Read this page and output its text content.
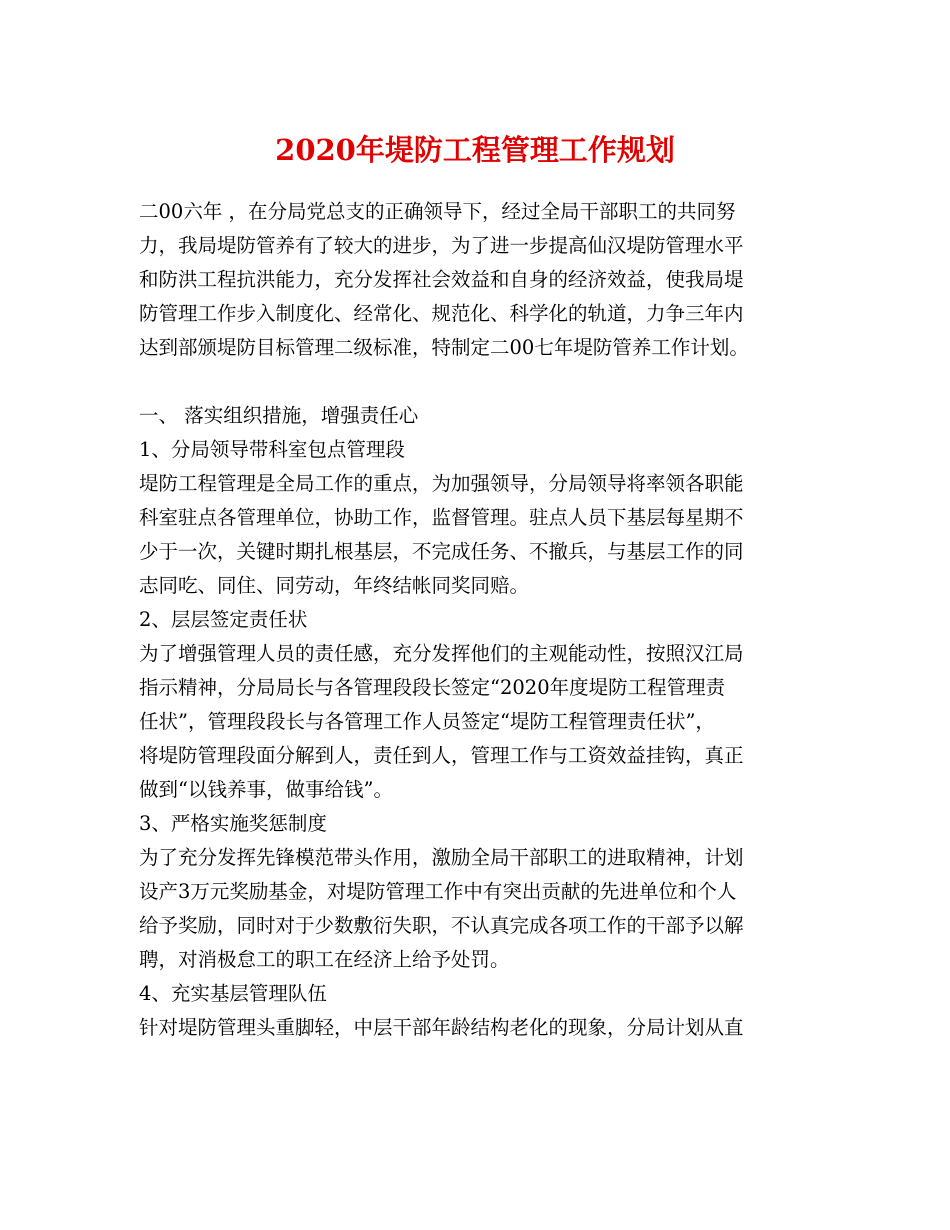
2020年堤防工程管理工作规划
二00六年 ，在分局党总支的正确领导下，经过全局干部职工的共同努
力，我局堤防管养有了较大的进步，为了进一步提高仙汉堤防管理水平
和防洪工程抗洪能力，充分发挥社会效益和自身的经济效益，使我局堤
防管理工作步入制度化、经常化、规范化、科学化的轨道，力争三年内
达到部颁堤防目标管理二级标准，特制定二00七年堤防管养工作计划。
一、 落实组织措施，增强责任心
1、分局领导带科室包点管理段
堤防工程管理是全局工作的重点，为加强领导，分局领导将率领各职能
科室驻点各管理单位，协助工作，监督管理。驻点人员下基层每星期不
少于一次，关键时期扎根基层，不完成任务、不撤兵，与基层工作的同
志同吃、同住、同劳动，年终结帐同奖同赔。
2、层层签定责任状
为了增强管理人员的责任感，充分发挥他们的主观能动性，按照汉江局
指示精神，分局局长与各管理段段长签定“2020年度堤防工程管理责
任状”，管理段段长与各管理工作人员签定“堤防工程管理责任状”，
将堤防管理段面分解到人，责任到人，管理工作与工资效益挂钩，真正
做到“以钱养事，做事给钱”。
3、严格实施奖惩制度
为了充分发挥先锋模范带头作用，激励全局干部职工的进取精神，计划
设产3万元奖励基金，对堤防管理工作中有突出贡献的先进单位和个人
给予奖励，同时对于少数敷衍失职，不认真完成各项工作的干部予以解
聘，对消极怠工的职工在经济上给予处罚。
4、充实基层管理队伍
针对堤防管理头重脚轻，中层干部年龄结构老化的现象，分局计划从直
